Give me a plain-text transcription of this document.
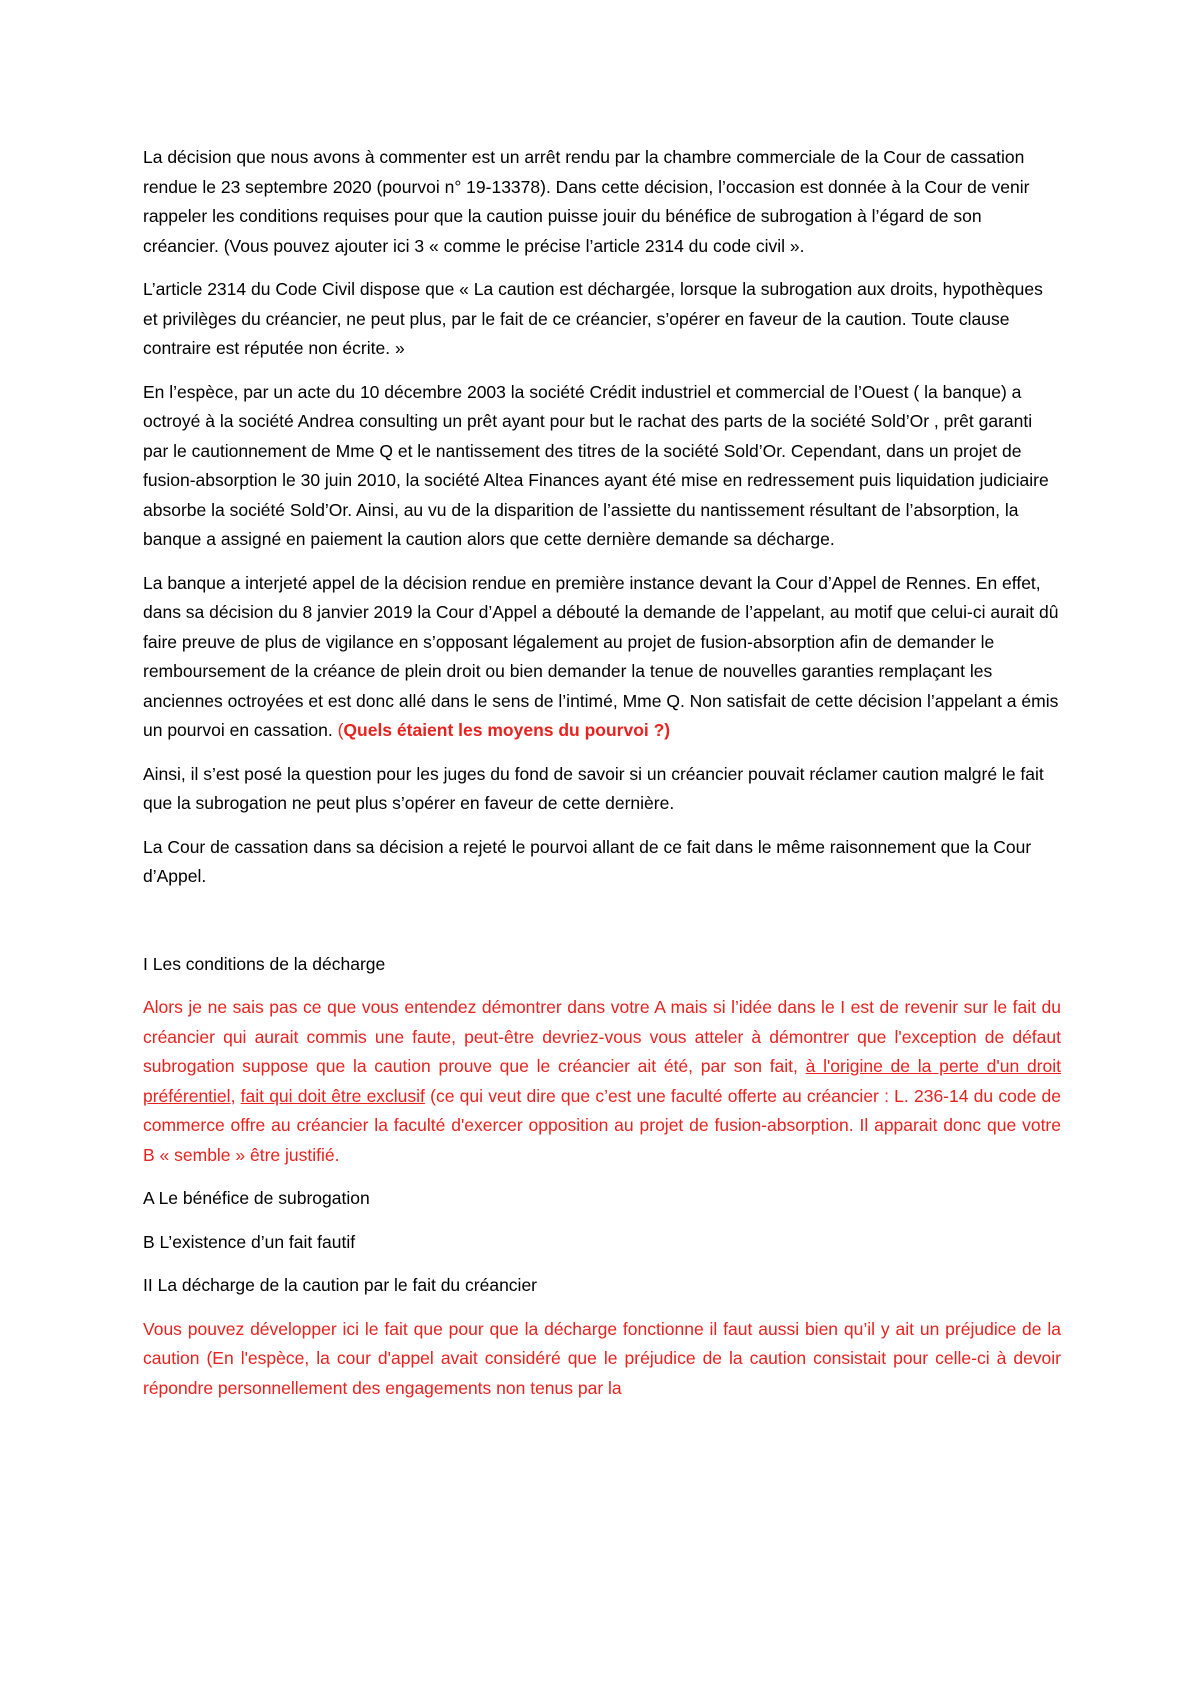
La décision que nous avons à commenter est un arrêt rendu par la chambre commerciale de la Cour de cassation rendue le 23 septembre 2020 (pourvoi n° 19-13378). Dans cette décision, l’occasion est donnée à la Cour de venir rappeler les conditions requises pour que la caution puisse jouir du bénéfice de subrogation à l’égard de son créancier. (Vous pouvez ajouter ici 3 « comme le précise l’article 2314 du code civil ».

L’article 2314 du Code Civil dispose que « La caution est déchargée, lorsque la subrogation aux droits, hypothèques et privilèges du créancier, ne peut plus, par le fait de ce créancier, s’opérer en faveur de la caution. Toute clause contraire est réputée non écrite. »

En l’espèce, par un acte du 10 décembre 2003 la société Crédit industriel et commercial de l’Ouest ( la banque) a octroyé à la société Andrea consulting un prêt ayant pour but le rachat des parts de la société Sold’Or , prêt garanti par le cautionnement de Mme Q et le nantissement des titres de la société Sold’Or. Cependant, dans un projet de fusion-absorption le 30 juin 2010, la société Altea Finances ayant été mise en redressement puis liquidation judiciaire absorbe la société Sold’Or. Ainsi, au vu de la disparition de l’assiette du nantissement résultant de l’absorption, la banque a assigné en paiement la caution alors que cette dernière demande sa décharge.

La banque a interjeté appel de la décision rendue en première instance devant la Cour d’Appel de Rennes. En effet, dans sa décision du 8 janvier 2019 la Cour d’Appel a débouté la demande de l’appelant, au motif que celui-ci aurait dû faire preuve de plus de vigilance en s’opposant légalement au projet de fusion-absorption afin de demander le remboursement de la créance de plein droit ou bien demander la tenue de nouvelles garanties remplaçant les anciennes octroyées et est donc allé dans le sens de l’intimé, Mme Q. Non satisfait de cette décision l’appelant a émis un pourvoi en cassation. (Quels étaient les moyens du pourvoi ?)

Ainsi, il s’est posé la question pour les juges du fond de savoir si un créancier pouvait réclamer caution malgré le fait que la subrogation ne peut plus s’opérer en faveur de cette dernière.

La Cour de cassation dans sa décision a rejeté le pourvoi allant de ce fait dans le même raisonnement que la Cour d’Appel.

I Les conditions de la décharge

Alors je ne sais pas ce que vous entendez démontrer dans votre A mais si l’idée dans le I est de revenir sur le fait du créancier qui aurait commis une faute, peut-être devriez-vous vous atteler à démontrer que l'exception de défaut subrogation suppose que la caution prouve que le créancier ait été, par son fait, à l'origine de la perte d'un droit préférentiel, fait qui doit être exclusif (ce qui veut dire que c’est une faculté offerte au créancier : L. 236-14 du code de commerce offre au créancier la faculté d'exercer opposition au projet de fusion-absorption. Il apparait donc que votre B « semble » être justifié.

A Le bénéfice de subrogation

B L’existence d’un fait fautif

II La décharge de la caution par le fait du créancier

Vous pouvez développer ici le fait que pour que la décharge fonctionne il faut aussi bien qu’il y ait un préjudice de la caution (En l'espèce, la cour d'appel avait considéré que le préjudice de la caution consistait pour celle-ci à devoir répondre personnellement des engagements non tenus par la
